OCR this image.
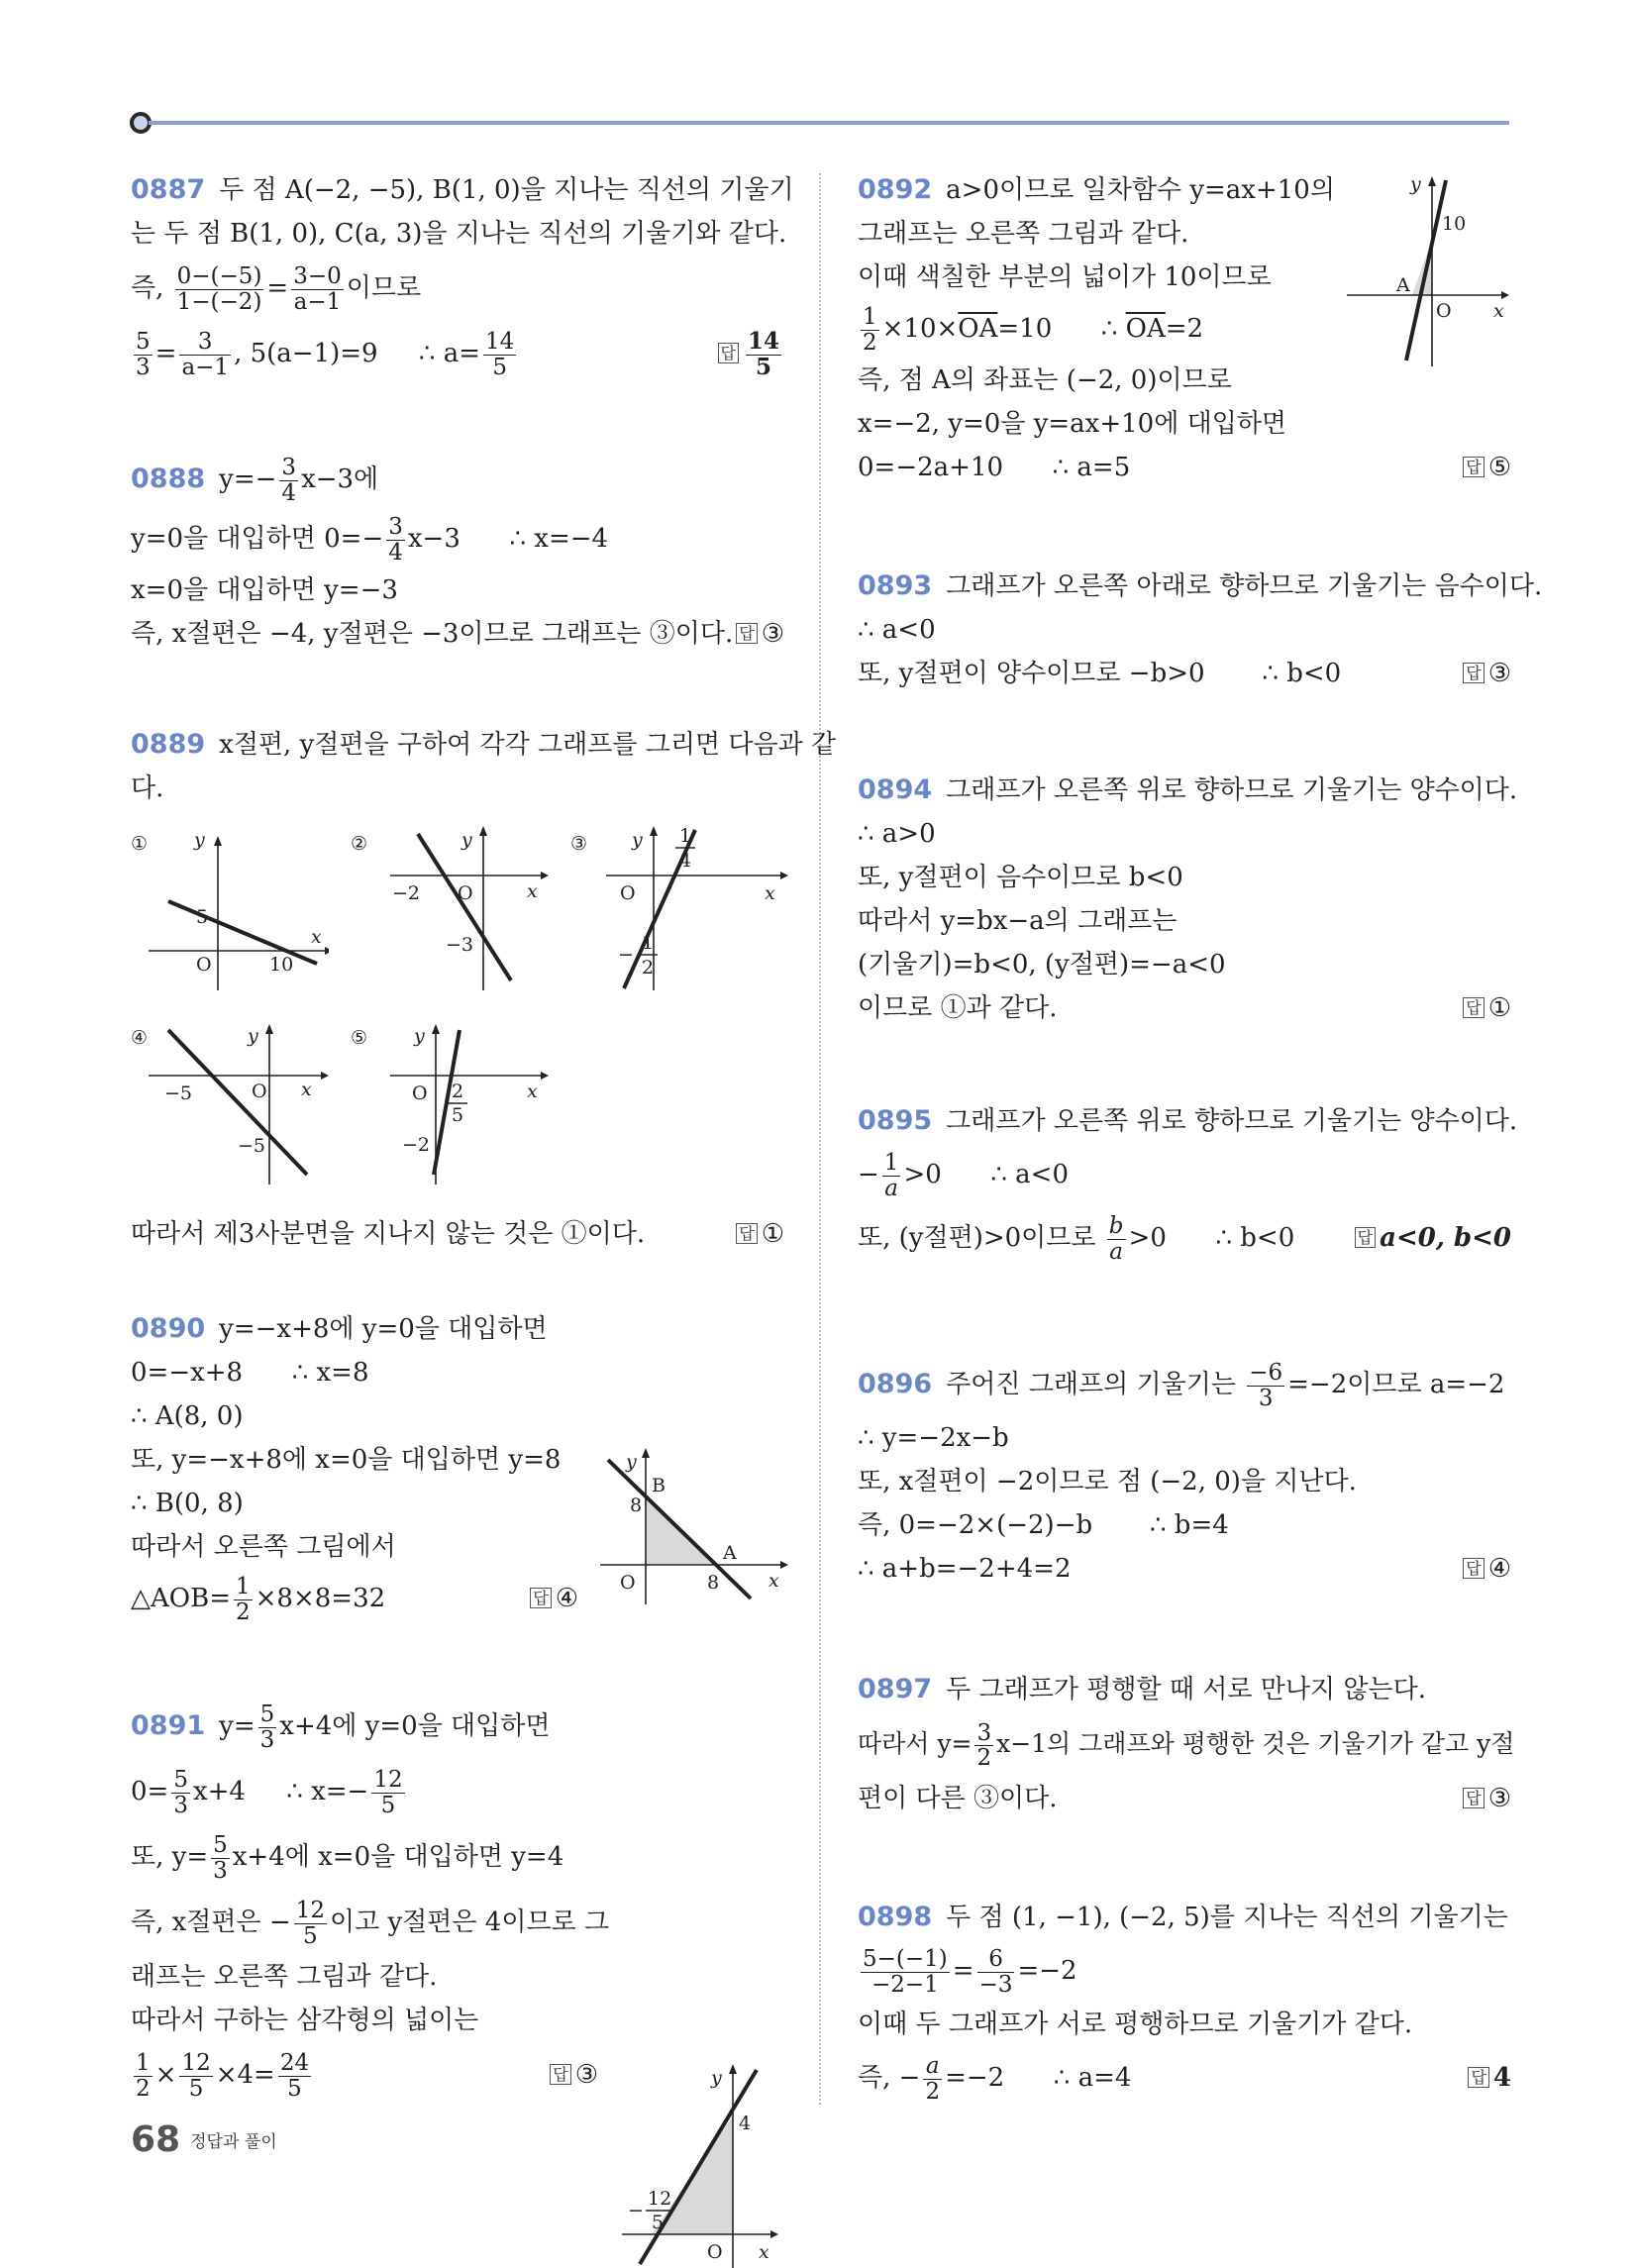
0887 두 점 A(−2, −5), B(1, 0)을 지나는 직선의 기울기
는 두 점 B(1, 0), C(a, 3)을 지나는 직선의 기울기와 같다.
즉, $\frac{0-(-5)}{1-(-2)} = \frac{3-0}{a-1}$ 이므로
$\frac{5}{3} = \frac{3}{a-1}$ , 5(a−1)=9 ∴ $a= \frac{14}{5}$	답 $\frac{14}{5}$
0888 $y=- \frac{3}{4} x-3$에
y=0을 대입하면 $0=- \frac{3}{4} x-3$ ∴ x=−4
x=0을 대입하면 y=−3
즉, x절편은 −4, y절편은 −3이므로 그래프는 ③이다. 답 ③
0889 x절편, y절편을 구하여 각각 그래프를 그리면 다음과 같
다.
① y
x
O
5
10
②	y
x
O
−2
−3
③ y
x
O
1
4
−
1
2
④	y
x
O
−5
−5
⑤ y
x
O 2
5
−2
따라서 제3사분면을 지나지 않는 것은 ①이다.	답 ①
0890 y=−x+8에 y=0을 대입하면
0=−x+8 ∴ x=8
∴ A(8, 0)
또, y=−x+8에 x=0을 대입하면 y=8
∴ B(0, 8)
따라서 오른쪽 그림에서
△AOB= $\frac{1}{2} \times 8\times 8=32$	답 ④
y
x
O
8
8
B
A
0891 $y= \frac{5}{3} x+4$에 y=0을 대입하면
$0= \frac{5}{3} x+4$ ∴ $x=- \frac{12}{5}$
또, $y= \frac{5}{3} x+4$에 x=0을 대입하면 y=4
즉, x절편은 − $\frac{12}{5}$ 이고 y절편은 4이므로 그
래프는 오른쪽 그림과 같다.
따라서 구하는 삼각형의 넓이는
$\frac{1}{2} \times \frac{12}{5} \times 4= \frac{24}{5}$	답 ③	y
x
O
4
−
12
5
0892 a>0이므로 일차함수 y=ax+10의
그래프는 오른쪽 그림과 같다.
이때 색칠한 부분의 넓이가 10이므로
$\frac{1}{2} \times 10\times\overline{OA}=10$ ∴ $\overline{OA}=2$
즉, 점 A의 좌표는 (−2, 0)이므로
x=−2, y=0을 y=ax+10에 대입하면
0=−2a+10 ∴ a=5	답 ⑤
y
x
O
A
10
0893 그래프가 오른쪽 아래로 향하므로 기울기는 음수이다.
∴ a<0
또, y절편이 양수이므로 −b>0 ∴ b<0	답 ③
0894 그래프가 오른쪽 위로 향하므로 기울기는 양수이다.
∴ a>0
또, y절편이 음수이므로 b<0
따라서 y=bx−a의 그래프는
(기울기)=b<0, (y절편)=−a<0
이므로 ①과 같다.	답 ①
0895 그래프가 오른쪽 위로 향하므로 기울기는 양수이다.
− $\frac{1}{a} >0$ ∴ a<0
또, (y절편)>0이므로 $\frac{b}{a} >0$ ∴ b<0	답 a<0, b<0
0896 주어진 그래프의 기울기는 $\frac{-6}{3} =-2$이므로 a=−2
∴ y=−2x−b
또, x절편이 −2이므로 점 (−2, 0)을 지난다.
즉, 0=−2×(−2)−b ∴ b=4
∴ a+b=−2+4=2	답 ④
0897 두 그래프가 평행할 때 서로 만나지 않는다.
따라서 $y= \frac{3}{2} x-1$의 그래프와 평행한 것은 기울기가 같고 y절
편이 다른 ③이다.	답 ③
0898 두 점 (1, −1), (−2, 5)를 지나는 직선의 기울기는
$\frac{5-(-1)}{-2-1} = \frac{6}{-3} =-2$
이때 두 그래프가 서로 평행하므로 기울기가 같다.
즉, − $\frac{a}{2} =-2$ ∴ a=4	답 4
68 정답과 풀이
